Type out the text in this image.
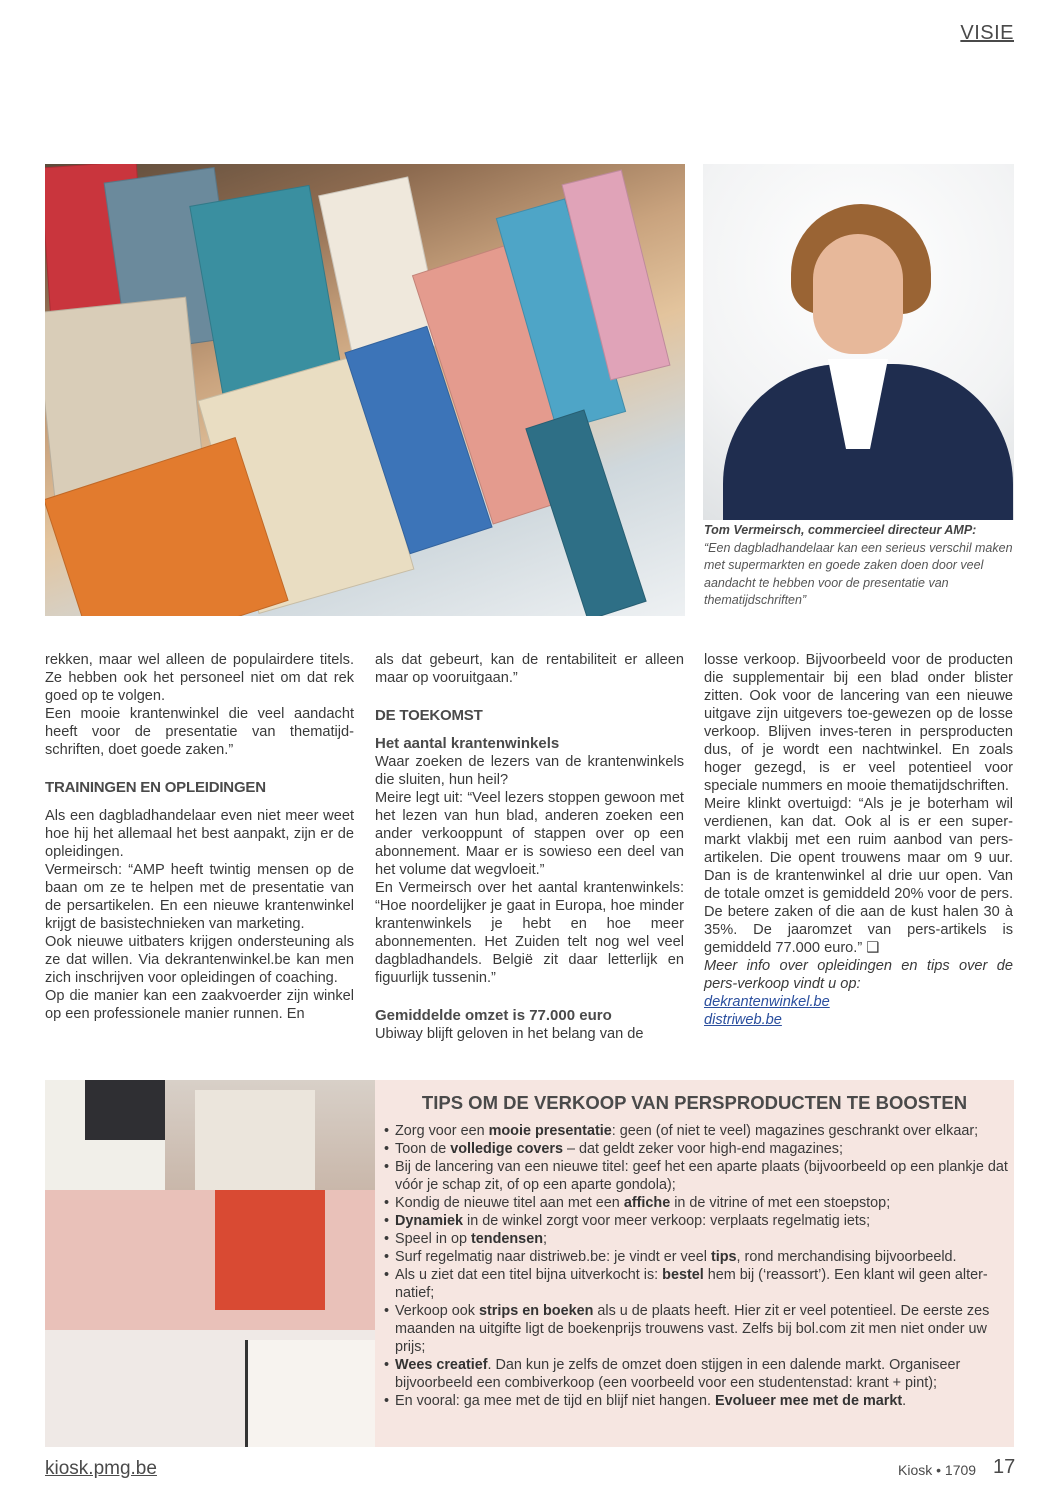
VISIE
Tom Vermeirsch, commercieel directeur AMP:
“Een dagbladhandelaar kan een serieus verschil maken met supermarkten en goede zaken doen door veel aandacht te hebben voor de presentatie van thematijdschriften”

rekken, maar wel alleen de populairdere titels. Ze hebben ook het personeel niet om dat rek goed op te volgen.

Een mooie krantenwinkel die veel aandacht heeft voor de presentatie van thematijd-schriften, doet goede zaken.”

TRAININGEN EN OPLEIDINGEN

Als een dagbladhandelaar even niet meer weet hoe hij het allemaal het best aanpakt, zijn er de opleidingen.

Vermeirsch: “AMP heeft twintig mensen op de baan om ze te helpen met de presentatie van de persartikelen. En een nieuwe krantenwinkel krijgt de basistechnieken van marketing.

Ook nieuwe uitbaters krijgen ondersteuning als ze dat willen. Via dekrantenwinkel.be kan men zich inschrijven voor opleidingen of coaching.

Op die manier kan een zaakvoerder zijn winkel op een professionele manier runnen. En

als dat gebeurt, kan de rentabiliteit er alleen maar op vooruitgaan.”

DE TOEKOMST
Het aantal krantenwinkels

Waar zoeken de lezers van de krantenwinkels die sluiten, hun heil?

Meire legt uit: “Veel lezers stoppen gewoon met het lezen van hun blad, anderen zoeken een ander verkooppunt of stappen over op een abonnement. Maar er is sowieso een deel van het volume dat wegvloeit.”

En Vermeirsch over het aantal krantenwinkels: “Hoe noordelijker je gaat in Europa, hoe minder krantenwinkels je hebt en hoe meer abonnementen. Het Zuiden telt nog wel veel dagbladhandels. België zit daar letterlijk en figuurlijk tussenin.”

Gemiddelde omzet is 77.000 euro

Ubiway blijft geloven in het belang van de

losse verkoop. Bijvoorbeeld voor de producten die supplementair bij een blad onder blister zitten. Ook voor de lancering van een nieuwe uitgave zijn uitgevers toe-gewezen op de losse verkoop. Blijven inves-teren in persproducten dus, of je wordt een nachtwinkel. En zoals hoger gezegd, is er veel potentieel voor speciale nummers en mooie thematijdschriften.

Meire klinkt overtuigd: “Als je je boterham wil verdienen, kan dat. Ook al is er een super-markt vlakbij met een ruim aanbod van pers-artikelen. Die opent trouwens maar om 9 uur. Dan is de krantenwinkel al drie uur open. Van de totale omzet is gemiddeld 20% voor de pers. De betere zaken of die aan de kust halen 30 à 35%. De jaaromzet van pers-artikels is gemiddeld 77.000 euro.” ❑

Meer info over opleidingen en tips over de pers-verkoop vindt u op:

dekrantenwinkel.be
distriweb.be
TIPS OM DE VERKOOP VAN PERSPRODUCTEN TE BOOSTEN
• Zorg voor een mooie presentatie: geen (of niet te veel) magazines geschrankt over elkaar;
• Toon de volledige covers – dat geldt zeker voor high-end magazines;
• Bij de lancering van een nieuwe titel: geef het een aparte plaats (bijvoorbeeld op een plankje dat vóór je schap zit, of op een aparte gondola);
• Kondig de nieuwe titel aan met een affiche in de vitrine of met een stoepstop;
• Dynamiek in de winkel zorgt voor meer verkoop: verplaats regelmatig iets;
• Speel in op tendensen;
• Surf regelmatig naar distriweb.be: je vindt er veel tips, rond merchandising bijvoorbeeld.
• Als u ziet dat een titel bijna uitverkocht is: bestel hem bij (‘reassort’). Een klant wil geen alter-natief;
• Verkoop ook strips en boeken als u de plaats heeft. Hier zit er veel potentieel. De eerste zes maanden na uitgifte ligt de boekenprijs trouwens vast. Zelfs bij bol.com zit men niet onder uw prijs;
• Wees creatief. Dan kun je zelfs de omzet doen stijgen in een dalende markt. Organiseer bijvoorbeeld een combiverkoop (een voorbeeld voor een studentenstad: krant + pint);
• En vooral: ga mee met de tijd en blijf niet hangen. Evolueer mee met de markt.
kiosk.pmg.be	Kiosk • 1709 17
